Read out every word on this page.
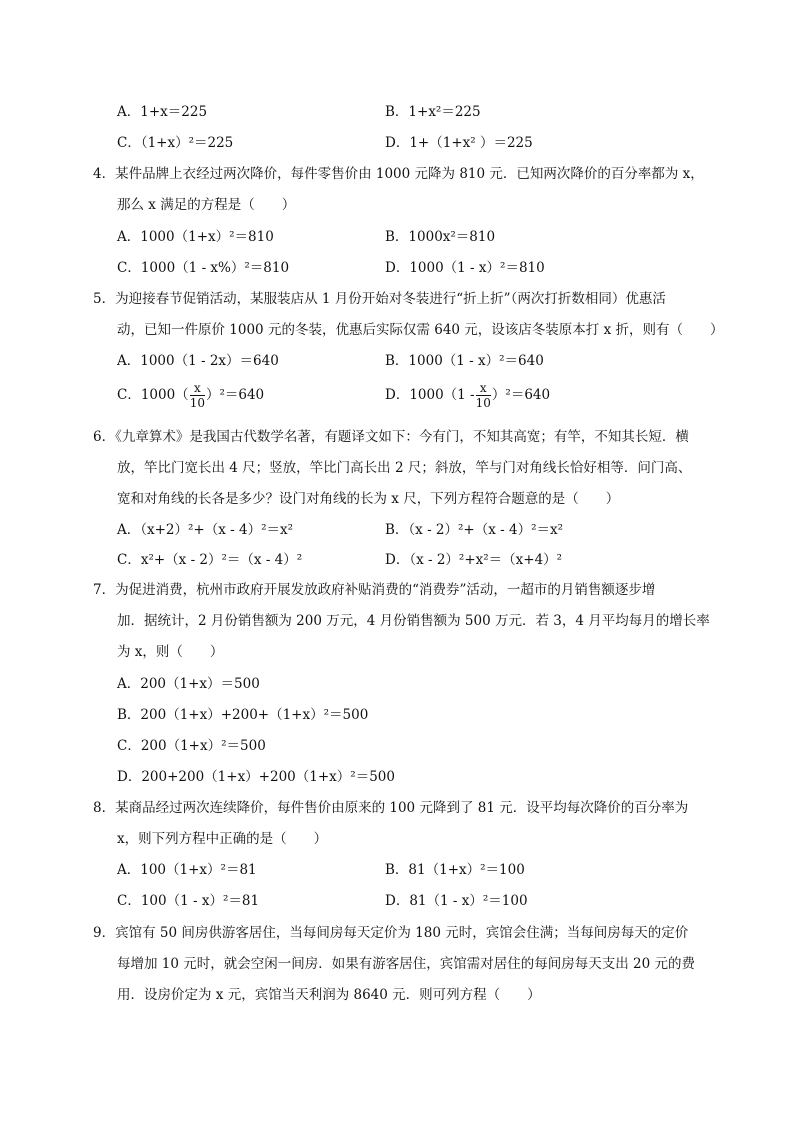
A．1+x＝225	B．1+x²＝225
C．（1+x）²＝225	D．1+（1+x² ）＝225
4．某件品牌上衣经过两次降价，每件零售价由 1000 元降为 810 元．已知两次降价的百分率都为 x，
那么 x 满足的方程是（　　）
A．1000（1+x）²＝810	B．1000x²＝810
C．1000（1 - x%）²＝810	D．1000（1 - x）²＝810
5．为迎接春节促销活动，某服装店从 1 月份开始对冬装进行“折上折”（两次打折数相同）优惠活
动，已知一件原价 1000 元的冬装，优惠后实际仅需 640 元，设该店冬装原本打 x 折，则有（　　）
A．1000（1 - 2x）＝640	B．1000（1 - x）²＝640
C．$1000( \frac{x}{10} )^2=640$	D．$1000(1 - \frac{x}{10} )^2=640$
6．《九章算术》是我国古代数学名著，有题译文如下：今有门，不知其高宽；有竿，不知其长短．横
放，竿比门宽长出 4 尺；竖放，竿比门高长出 2 尺；斜放，竿与门对角线长恰好相等．问门高、
宽和对角线的长各是多少？设门对角线的长为 x 尺，下列方程符合题意的是（　　）
A．（x+2）²+（x - 4）²＝x²	B．（x - 2）²+（x - 4）²＝x²
C．x²+（x - 2）²＝（x - 4）²	D．（x - 2）²+x²＝（x+4）²
7．为促进消费，杭州市政府开展发放政府补贴消费的“消费券”活动，一超市的月销售额逐步增
加．据统计，2 月份销售额为 200 万元，4 月份销售额为 500 万元．若 3，4 月平均每月的增长率
为 x，则（　　）
A．200（1+x）＝500
B．200（1+x）+200+（1+x）²＝500
C．200（1+x）²＝500
D．200+200（1+x）+200（1+x）²＝500
8．某商品经过两次连续降价，每件售价由原来的 100 元降到了 81 元．设平均每次降价的百分率为
x，则下列方程中正确的是（　　）
A．100（1+x）²＝81	B．81（1+x）²＝100
C．100（1 - x）²＝81	D．81（1 - x）²＝100
9．宾馆有 50 间房供游客居住，当每间房每天定价为 180 元时，宾馆会住满；当每间房每天的定价
每增加 10 元时，就会空闲一间房．如果有游客居住，宾馆需对居住的每间房每天支出 20 元的费
用．设房价定为 x 元，宾馆当天利润为 8640 元．则可列方程（　　）
